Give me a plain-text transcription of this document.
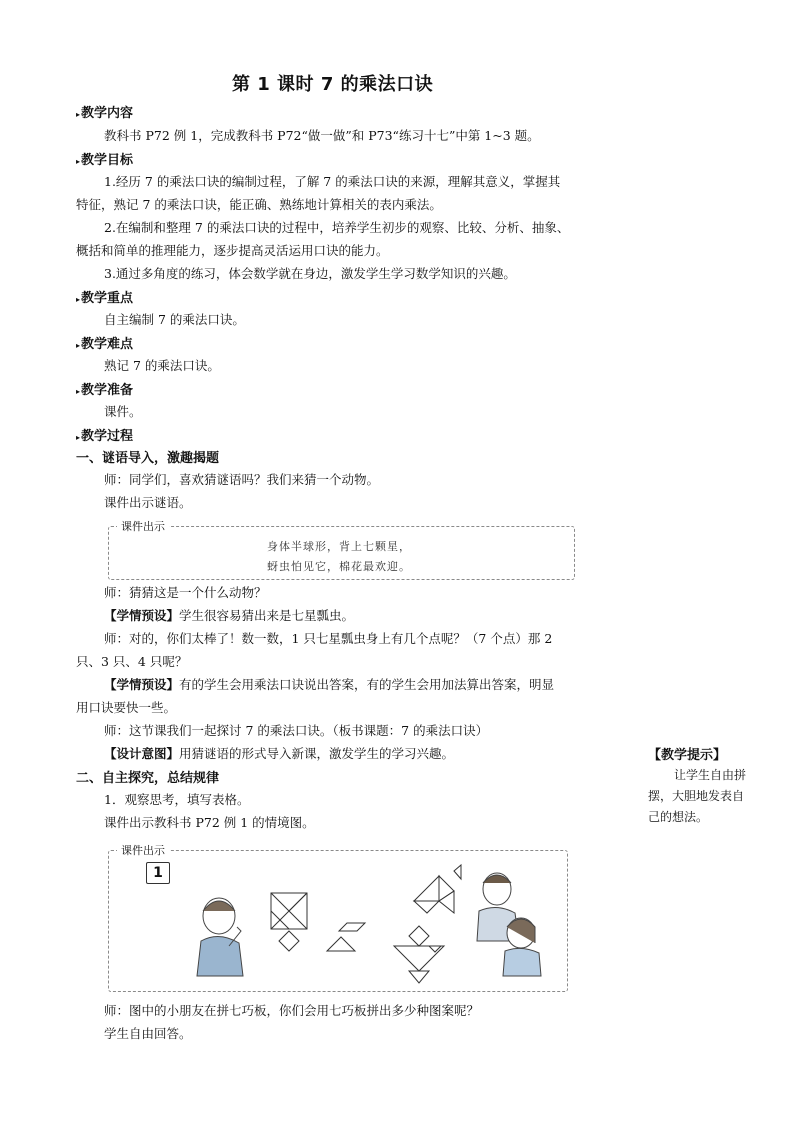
第 1 课时 7 的乘法口诀
▸教学内容
教科书 P72 例 1，完成教科书 P72“做一做”和 P73“练习十七”中第 1~3 题。
▸教学目标
1.经历 7 的乘法口诀的编制过程，了解 7 的乘法口诀的来源，理解其意义，掌握其
特征，熟记 7 的乘法口诀，能正确、熟练地计算相关的表内乘法。
2.在编制和整理 7 的乘法口诀的过程中，培养学生初步的观察、比较、分析、抽象、
概括和简单的推理能力，逐步提高灵活运用口诀的能力。
3.通过多角度的练习，体会数学就在身边，激发学生学习数学知识的兴趣。
▸教学重点
自主编制 7 的乘法口诀。
▸教学难点
熟记 7 的乘法口诀。
▸教学准备
课件。
▸教学过程
一、谜语导入，激趣揭题
师：同学们，喜欢猜谜语吗？我们来猜一个动物。
课件出示谜语。
课件出示
身体半球形，背上七颗星，
蚜虫怕见它，棉花最欢迎。
师：猜猜这是一个什么动物？
【学情预设】学生很容易猜出来是七星瓢虫。
师：对的，你们太棒了！数一数，1 只七星瓢虫身上有几个点呢？（7 个点）那 2
只、3 只、4 只呢？
【学情预设】有的学生会用乘法口诀说出答案，有的学生会用加法算出答案，明显
用口诀要快一些。
师：这节课我们一起探讨 7 的乘法口诀。（板书课题：7 的乘法口诀）
【设计意图】用猜谜语的形式导入新课，激发学生的学习兴趣。	【教学提示】
让学生自由拼
摆，大胆地发表自
己的想法。
二、自主探究，总结规律
1．观察思考，填写表格。
课件出示教科书 P72 例 1 的情境图。
课件出示
1
师：图中的小朋友在拼七巧板，你们会用七巧板拼出多少种图案呢？
学生自由回答。
